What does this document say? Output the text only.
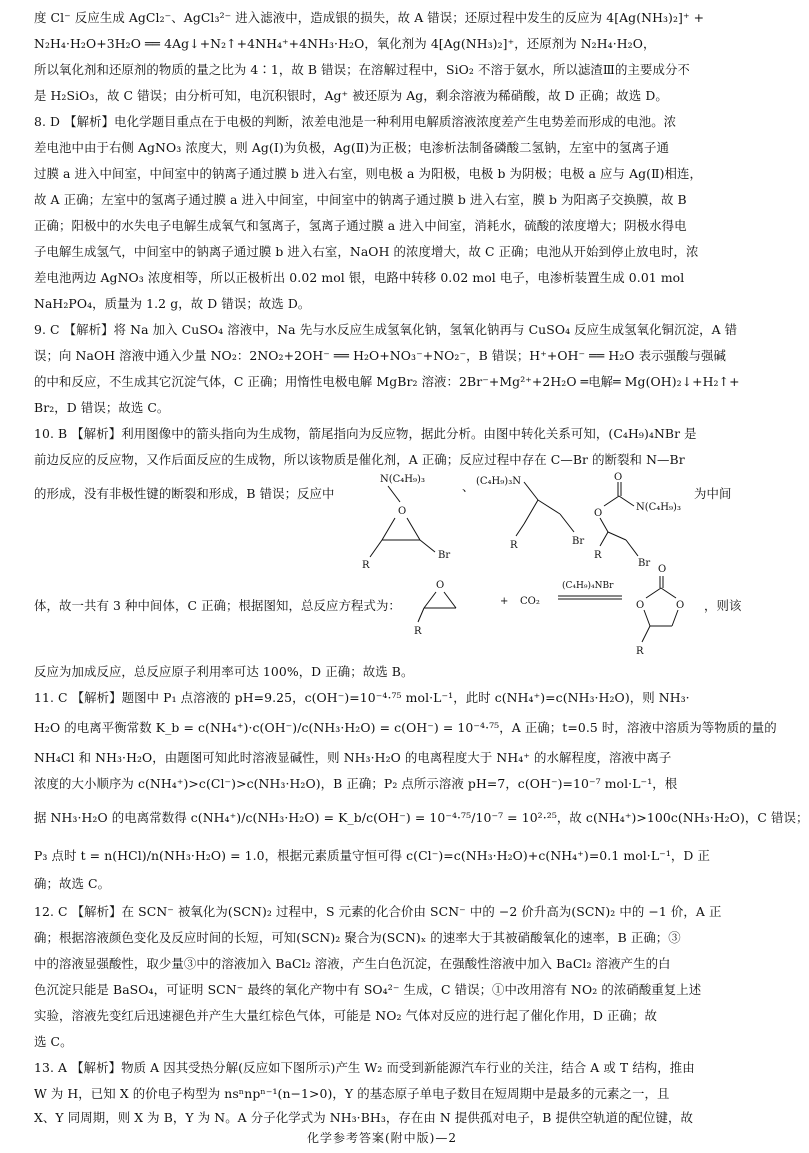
度 Cl⁻ 反应生成 AgCl₂⁻、AgCl₃²⁻ 进入滤液中，造成银的损失，故 A 错误；还原过程中发生的反应为 4[Ag(NH₃)₂]⁺ +
N₂H₄·H₂O+3H₂O ══ 4Ag↓+N₂↑+4NH₄⁺+4NH₃·H₂O，氧化剂为 4[Ag(NH₃)₂]⁺，还原剂为 N₂H₄·H₂O，
所以氧化剂和还原剂的物质的量之比为 4∶1，故 B 错误；在溶解过程中，SiO₂ 不溶于氨水，所以滤渣Ⅲ的主要成分不
是 H₂SiO₃，故 C 错误；由分析可知，电沉积银时，Ag⁺ 被还原为 Ag，剩余溶液为稀硝酸，故 D 正确；故选 D。
8. D 【解析】电化学题目重点在于电极的判断，浓差电池是一种利用电解质溶液浓度差产生电势差而形成的电池。浓
差电池中由于右侧 AgNO₃ 浓度大，则 Ag(Ⅰ)为负极，Ag(Ⅱ)为正极；电渗析法制备磷酸二氢钠，左室中的氢离子通
过膜 a 进入中间室，中间室中的钠离子通过膜 b 进入右室，则电极 a 为阳极，电极 b 为阴极；电极 a 应与 Ag(Ⅱ)相连，
故 A 正确；左室中的氢离子通过膜 a 进入中间室，中间室中的钠离子通过膜 b 进入右室，膜 b 为阳离子交换膜，故 B
正确；阳极中的水失电子电解生成氧气和氢离子，氢离子通过膜 a 进入中间室，消耗水，硫酸的浓度增大；阴极水得电
子电解生成氢气，中间室中的钠离子通过膜 b 进入右室，NaOH 的浓度增大，故 C 正确；电池从开始到停止放电时，浓
差电池两边 AgNO₃ 浓度相等，所以正极析出 0.02 mol 银，电路中转移 0.02 mol 电子，电渗析装置生成 0.01 mol
NaH₂PO₄，质量为 1.2 g，故 D 错误；故选 D。
9. C 【解析】将 Na 加入 CuSO₄ 溶液中，Na 先与水反应生成氢氧化钠，氢氧化钠再与 CuSO₄ 反应生成氢氧化铜沉淀，A 错
误；向 NaOH 溶液中通入少量 NO₂：2NO₂+2OH⁻ ══ H₂O+NO₃⁻+NO₂⁻，B 错误；H⁺+OH⁻ ══ H₂O 表示强酸与强碱
的中和反应，不生成其它沉淀气体，C 正确；用惰性电极电解 MgBr₂ 溶液：2Br⁻+Mg²⁺+2H₂O ═电解═ Mg(OH)₂↓+H₂↑+
Br₂，D 错误；故选 C。
10. B 【解析】利用图像中的箭头指向为生成物，箭尾指向为反应物，据此分析。由图中转化关系可知，(C₄H₉)₄NBr 是
前边反应的反应物，又作后面反应的生成物，所以该物质是催化剂，A 正确；反应过程中存在 C—Br 的断裂和 N—Br
的形成，没有非极性键的断裂和形成，B 错误；反应中
N(C₄H₉)₃
O
Br
R
、 (C₄H₉)₃N
Br
R
O
O
N(C₄H₉)₃
Br
R
为中间
体，故一共有 3 种中间体，C 正确；根据图知，总反应方程式为：
O
R
+ CO₂
(C₄H₉)₄NBr
O
O	O
R
，则该
反应为加成反应，总反应原子利用率可达 100%，D 正确；故选 B。
11. C 【解析】题图中 P₁ 点溶液的 pH=9.25，c(OH⁻)=10⁻⁴·⁷⁵ mol·L⁻¹，此时 c(NH₄⁺)=c(NH₃·H₂O)，则 NH₃·
H₂O 的电离平衡常数 K_b = c(NH₄⁺)·c(OH⁻)/c(NH₃·H₂O) = c(OH⁻) = 10⁻⁴·⁷⁵，A 正确；t=0.5 时，溶液中溶质为等物质的量的
NH₄Cl 和 NH₃·H₂O，由题图可知此时溶液显碱性，则 NH₃·H₂O 的电离程度大于 NH₄⁺ 的水解程度，溶液中离子
浓度的大小顺序为 c(NH₄⁺)>c(Cl⁻)>c(NH₃·H₂O)，B 正确；P₂ 点所示溶液 pH=7，c(OH⁻)=10⁻⁷ mol·L⁻¹，根
据 NH₃·H₂O 的电离常数得 c(NH₄⁺)/c(NH₃·H₂O) = K_b/c(OH⁻) = 10⁻⁴·⁷⁵/10⁻⁷ = 10²·²⁵，故 c(NH₄⁺)>100c(NH₃·H₂O)，C 错误；
P₃ 点时 t = n(HCl)/n(NH₃·H₂O) = 1.0，根据元素质量守恒可得 c(Cl⁻)=c(NH₃·H₂O)+c(NH₄⁺)=0.1 mol·L⁻¹，D 正
确；故选 C。
12. C 【解析】在 SCN⁻ 被氧化为(SCN)₂ 过程中，S 元素的化合价由 SCN⁻ 中的 −2 价升高为(SCN)₂ 中的 −1 价，A 正
确；根据溶液颜色变化及反应时间的长短，可知(SCN)₂ 聚合为(SCN)ₓ 的速率大于其被硝酸氧化的速率，B 正确；③
中的溶液显强酸性，取少量③中的溶液加入 BaCl₂ 溶液，产生白色沉淀，在强酸性溶液中加入 BaCl₂ 溶液产生的白
色沉淀只能是 BaSO₄，可证明 SCN⁻ 最终的氧化产物中有 SO₄²⁻ 生成，C 错误；①中改用溶有 NO₂ 的浓硝酸重复上述
实验，溶液先变红后迅速褪色并产生大量红棕色气体，可能是 NO₂ 气体对反应的进行起了催化作用，D 正确；故
选 C。
13. A 【解析】物质 A 因其受热分解(反应如下图所示)产生 W₂ 而受到新能源汽车行业的关注，结合 A 或 T 结构，推由
W 为 H，已知 X 的价电子构型为 nsⁿnpⁿ⁻¹(n−1>0)，Y 的基态原子单电子数目在短周期中是最多的元素之一，且
X、Y 同周期，则 X 为 B，Y 为 N。A 分子化学式为 NH₃·BH₃，存在由 N 提供孤对电子，B 提供空轨道的配位键，故
化学参考答案(附中版)—2
